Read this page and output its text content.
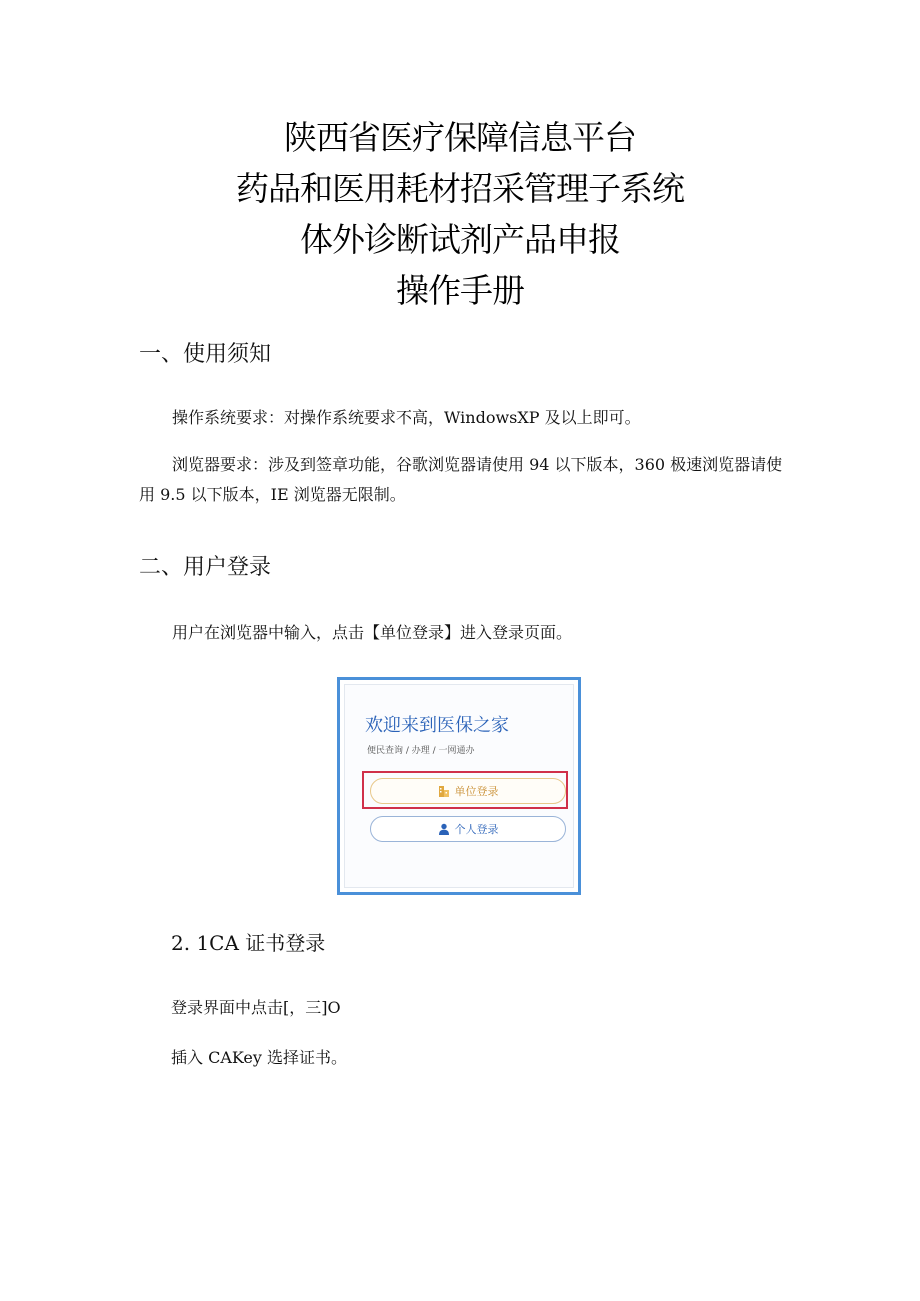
陕西省医疗保障信息平台
药品和医用耗材招采管理子系统
体外诊断试剂产品申报
操作手册
一、使用须知
操作系统要求：对操作系统要求不高，WindowsXP 及以上即可。
浏览器要求：涉及到签章功能，谷歌浏览器请使用 94 以下版本，360 极速浏览器请使用 9.5 以下版本，IE 浏览器无限制。
二、用户登录
用户在浏览器中输入，点击【单位登录】进入登录页面。
欢迎来到医保之家
便民查询 / 办理 / 一网通办
单位登录
个人登录
2. 1CA 证书登录
登录界面中点击[，三]O
插入 CAKey 选择证书。
